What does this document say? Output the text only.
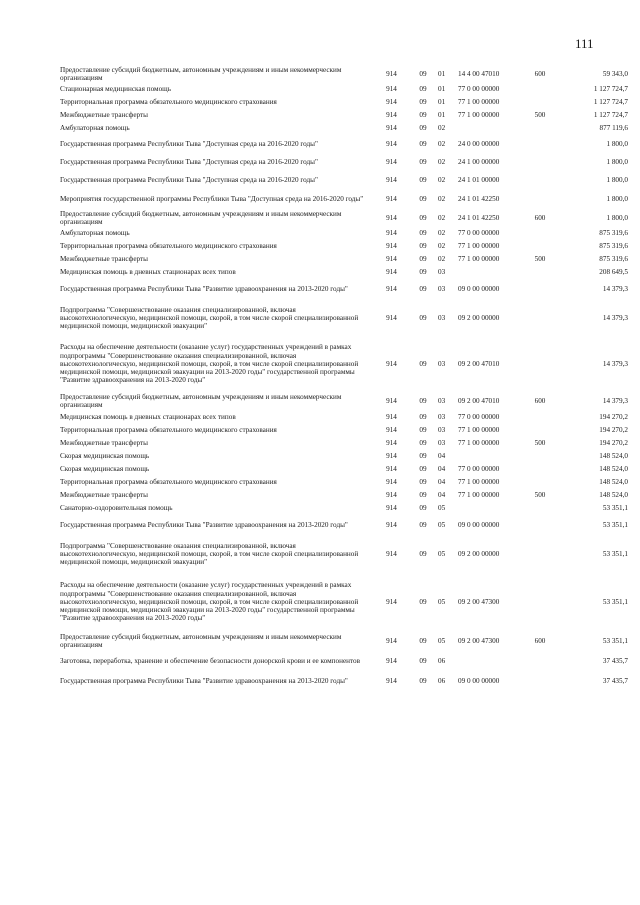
111
Предоставление субсидий бюджетным, автономным учреждениям и иным некоммерческим организациям	914	09	01	14 4 00 47010	600	59 343,0
Стационарная медицинская помощь	914	09	01	77 0 00 00000		1 127 724,7
Территориальная программа обязательного медицинского страхования	914	09	01	77 1 00 00000		1 127 724,7
Межбюджетные трансферты	914	09	01	77 1 00 00000	500	1 127 724,7
Амбулаторная помощь	914	09	02			877 119,6
Государственная программа Республики Тыва "Доступная среда на 2016-2020 годы"	914	09	02	24 0 00 00000		1 800,0
Государственная программа Республики Тыва "Доступная среда на 2016-2020 годы"	914	09	02	24 1 00 00000		1 800,0
Государственная программа Республики Тыва "Доступная среда на 2016-2020 годы"	914	09	02	24 1 01 00000		1 800,0
Мероприятия государственной программы Республики Тыва "Доступная среда на 2016-2020 годы"	914	09	02	24 1 01 42250		1 800,0
Предоставление субсидий бюджетным, автономным учреждениям и иным некоммерческим организациям	914	09	02	24 1 01 42250	600	1 800,0
Амбулаторная помощь	914	09	02	77 0 00 00000		875 319,6
Территориальная программа обязательного медицинского страхования	914	09	02	77 1 00 00000		875 319,6
Межбюджетные трансферты	914	09	02	77 1 00 00000	500	875 319,6
Медицинская помощь в дневных стационарах всех типов	914	09	03			208 649,5
Государственная программа Республики Тыва "Развитие здравоохранения на 2013-2020 годы"	914	09	03	09 0 00 00000		14 379,3
Подпрограмма "Совершенствование оказания специализированной, включая высокотехнологическую, медицинской помощи, скорой, в том числе скорой специализированной медицинской помощи, медицинской эвакуации"	914	09	03	09 2 00 00000		14 379,3
Расходы на обеспечение деятельности (оказание услуг) государственных учреждений в рамках подпрограммы "Совершенствование оказания специализированной, включая высокотехнологическую, медицинской помощи, скорой, в том числе скорой специализированной медицинской помощи, медицинской эвакуации на 2013-2020 годы" государственной программы "Развитие здравоохранения на 2013-2020 годы"	914	09	03	09 2 00 47010		14 379,3
Предоставление субсидий бюджетным, автономным учреждениям и иным некоммерческим организациям	914	09	03	09 2 00 47010	600	14 379,3
Медицинская помощь в дневных стационарах всех типов	914	09	03	77 0 00 00000		194 270,2
Территориальная программа обязательного медицинского страхования	914	09	03	77 1 00 00000		194 270,2
Межбюджетные трансферты	914	09	03	77 1 00 00000	500	194 270,2
Скорая медицинская помощь	914	09	04			148 524,0
Скорая медицинская помощь	914	09	04	77 0 00 00000		148 524,0
Территориальная программа обязательного медицинского страхования	914	09	04	77 1 00 00000		148 524,0
Межбюджетные трансферты	914	09	04	77 1 00 00000	500	148 524,0
Санаторно-оздоровительная помощь	914	09	05			53 351,1
Государственная программа Республики Тыва "Развитие здравоохранения на 2013-2020 годы"	914	09	05	09 0 00 00000		53 351,1
Подпрограмма "Совершенствование оказания специализированной, включая высокотехнологическую, медицинской помощи, скорой, в том числе скорой специализированной медицинской помощи, медицинской эвакуации"	914	09	05	09 2 00 00000		53 351,1
Расходы на обеспечение деятельности (оказание услуг) государственных учреждений в рамках подпрограммы "Совершенствование оказания специализированной, включая высокотехнологическую, медицинской помощи, скорой, в том числе скорой специализированной медицинской помощи, медицинской эвакуации на 2013-2020 годы" государственной программы "Развитие здравоохранения на 2013-2020 годы"	914	09	05	09 2 00 47300		53 351,1
Предоставление субсидий бюджетным, автономным учреждениям и иным некоммерческим организациям	914	09	05	09 2 00 47300	600	53 351,1
Заготовка, переработка, хранение и обеспечение безопасности донорской крови и ее компонентов	914	09	06			37 435,7
Государственная программа Республики Тыва "Развитие здравоохранения на 2013-2020 годы"	914	09	06	09 0 00 00000		37 435,7
